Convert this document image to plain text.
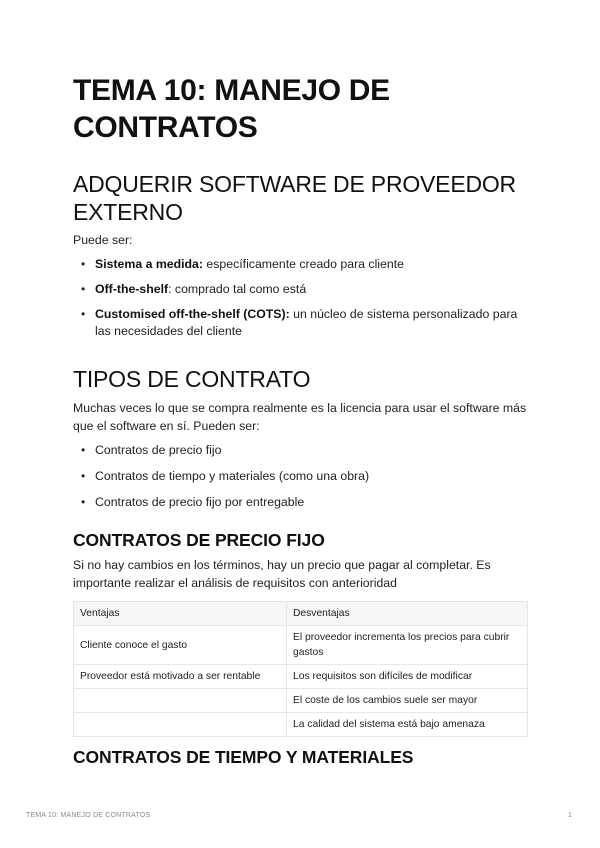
TEMA 10: MANEJO DE CONTRATOS
ADQUERIR SOFTWARE DE PROVEEDOR EXTERNO

Puede ser:

• Sistema a medida: específicamente creado para cliente
• Off-the-shelf: comprado tal como está
• Customised off-the-shelf (COTS): un núcleo de sistema personalizado para las necesidades del cliente
TIPOS DE CONTRATO

Muchas veces lo que se compra realmente es la licencia para usar el software más que el software en sí. Pueden ser:

• Contratos de precio fijo
• Contratos de tiempo y materiales (como una obra)
• Contratos de precio fijo por entregable
CONTRATOS DE PRECIO FIJO

Si no hay cambios en los términos, hay un precio que pagar al completar. Es importante realizar el análisis de requisitos con anterioridad

Ventajas	Desventajas
Cliente conoce el gasto	El proveedor incrementa los precios para cubrir gastos
Proveedor está motivado a ser rentable	Los requisitos son difíciles de modificar
	El coste de los cambios suele ser mayor
	La calidad del sistema está bajo amenaza
CONTRATOS DE TIEMPO Y MATERIALES
TEMA 10: MANEJO DE CONTRATOS	1
